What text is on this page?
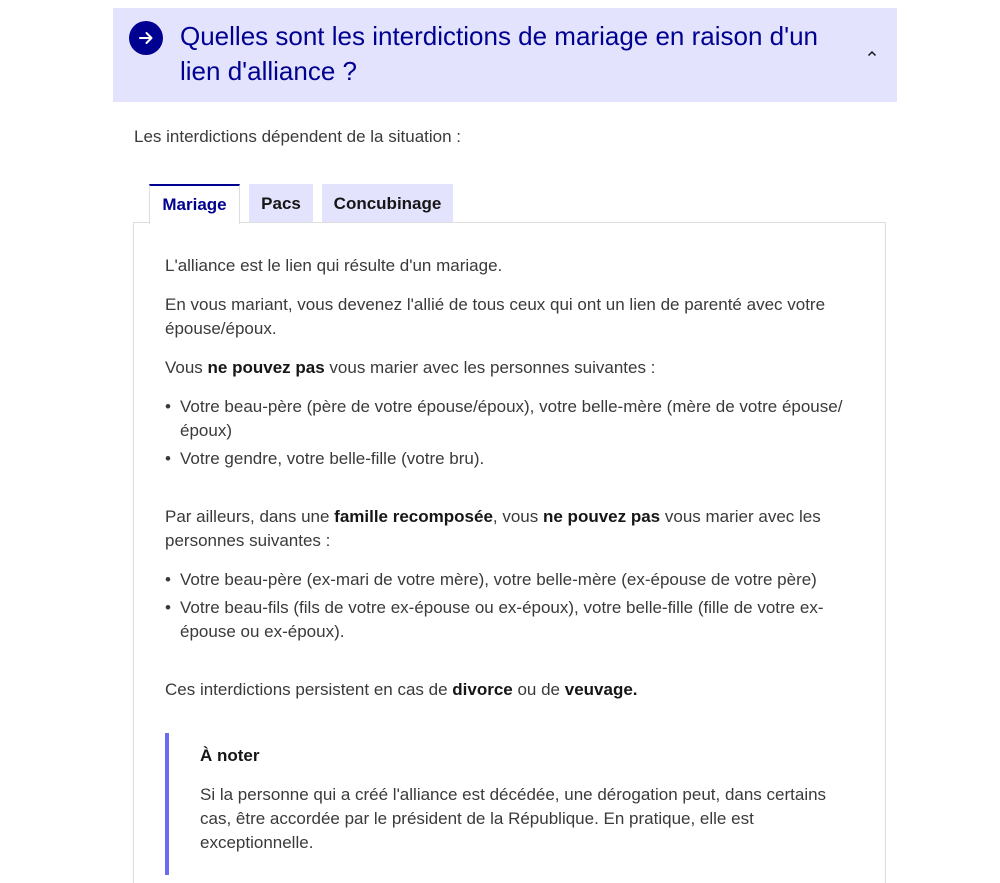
Quelles sont les interdictions de mariage en raison d'un lien d'alliance ?

Les interdictions dépendent de la situation :

Mariage	Pacs	Concubinage

L'alliance est le lien qui résulte d'un mariage.

En vous mariant, vous devenez l'allié de tous ceux qui ont un lien de parenté avec votre épouse/époux.

Vous ne pouvez pas vous marier avec les personnes suivantes :

• Votre beau-père (père de votre épouse/époux), votre belle-mère (mère de votre épouse/époux)
• Votre gendre, votre belle-fille (votre bru).

Par ailleurs, dans une famille recomposée, vous ne pouvez pas vous marier avec les personnes suivantes :

• Votre beau-père (ex-mari de votre mère), votre belle-mère (ex-épouse de votre père)
• Votre beau-fils (fils de votre ex-épouse ou ex-époux), votre belle-fille (fille de votre ex-épouse ou ex-époux).

Ces interdictions persistent en cas de divorce ou de veuvage.

À noter

Si la personne qui a créé l'alliance est décédée, une dérogation peut, dans certains cas, être accordée par le président de la République. En pratique, elle est exceptionnelle.
